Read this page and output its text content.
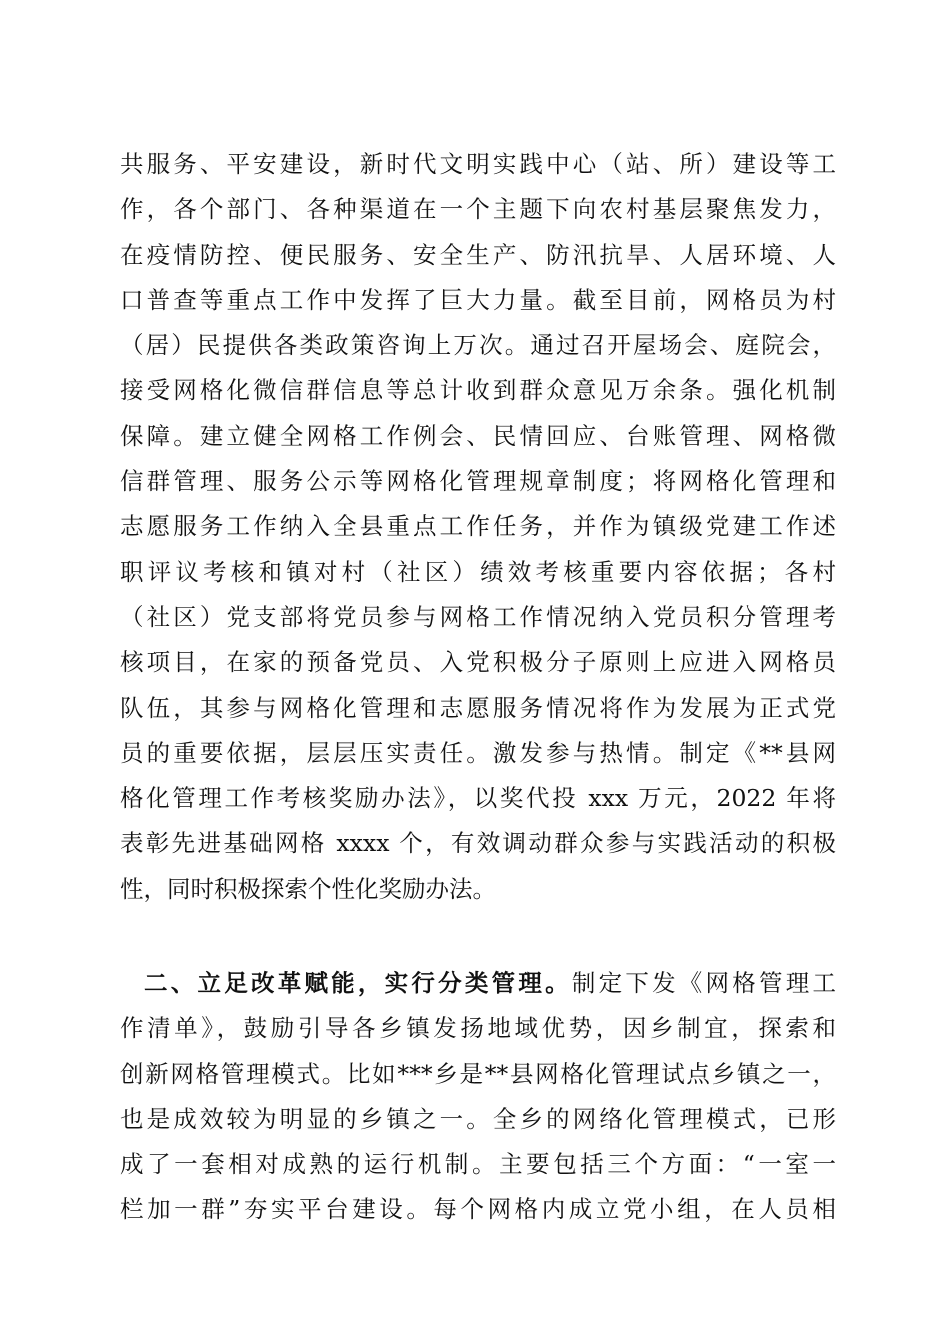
共服务、平安建设，新时代文明实践中心（站、所）建设等工
作，各个部门、各种渠道在一个主题下向农村基层聚焦发力，
在疫情防控、便民服务、安全生产、防汛抗旱、人居环境、人
口普查等重点工作中发挥了巨大力量。截至目前，网格员为村
（居）民提供各类政策咨询上万次。通过召开屋场会、庭院会，
接受网格化微信群信息等总计收到群众意见万余条。强化机制
保障。建立健全网格工作例会、民情回应、台账管理、网格微
信群管理、服务公示等网格化管理规章制度；将网格化管理和
志愿服务工作纳入全县重点工作任务，并作为镇级党建工作述
职评议考核和镇对村（社区）绩效考核重要内容依据；各村
（社区）党支部将党员参与网格工作情况纳入党员积分管理考
核项目，在家的预备党员、入党积极分子原则上应进入网格员
队伍，其参与网格化管理和志愿服务情况将作为发展为正式党
员的重要依据，层层压实责任。激发参与热情。制定《**县网
格化管理工作考核奖励办法》，以奖代投 xxx 万元，2022 年将
表彰先进基础网格 xxxx 个，有效调动群众参与实践活动的积极
性，同时积极探索个性化奖励办法。
二、立足改革赋能，实行分类管理。制定下发《网格管理工
作清单》，鼓励引导各乡镇发扬地域优势，因乡制宜，探索和
创新网格管理模式。比如***乡是**县网格化管理试点乡镇之一，
也是成效较为明显的乡镇之一。全乡的网络化管理模式，已形
成了一套相对成熟的运行机制。主要包括三个方面：“一室一
栏加一群”夯实平台建设。每个网格内成立党小组，在人员相
